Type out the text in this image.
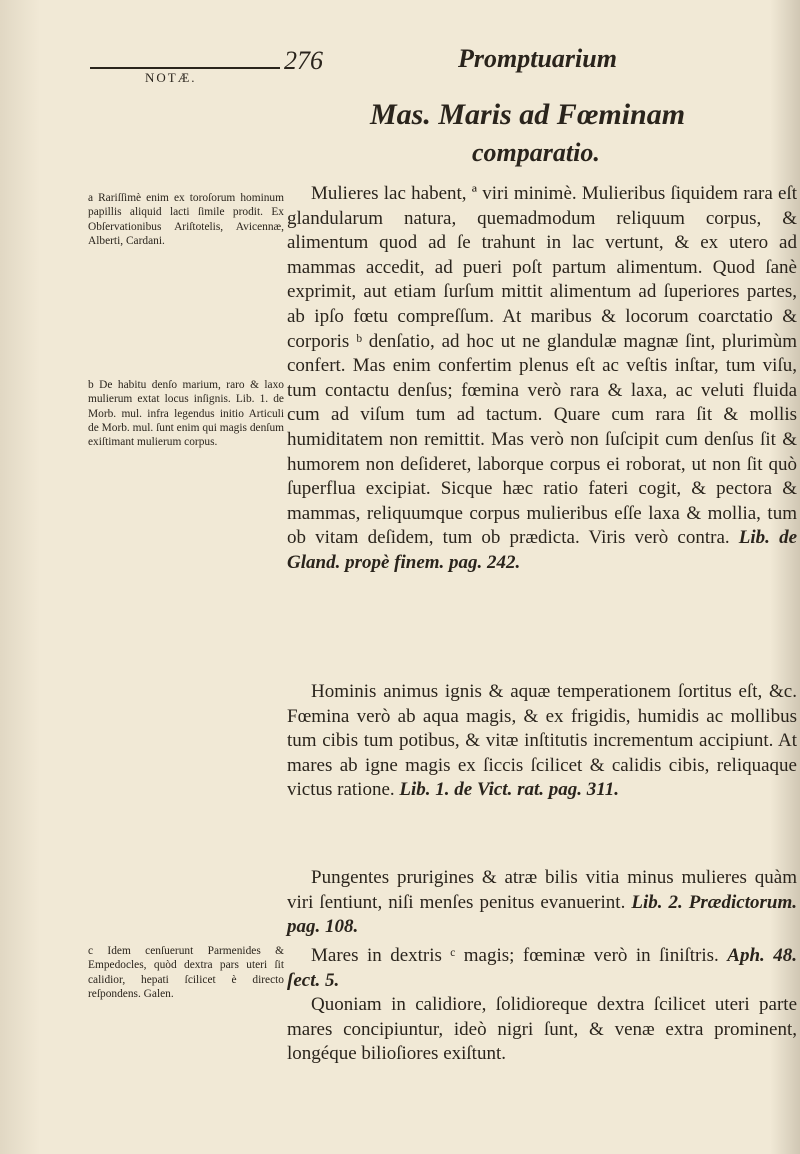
NOTÆ.
276	Promptuarium
Mas. Maris ad Fœminam
comparatio.

Mulieres lac habent, ª viri minimè. Mulieribus ſiquidem rara eſt glandularum natura, quemadmodum reliquum corpus, & alimentum quod ad ſe trahunt in lac vertunt, & ex utero ad mammas accedit, ad pueri poſt partum alimentum. Quod ſanè exprimit, aut etiam ſurſum mittit alimentum ad ſuperiores partes, ab ipſo fœtu compreſſum. At maribus & locorum coarctatio & corporis ᵇ denſatio, ad hoc ut ne glandulæ magnæ ſint, plurimùm confert. Mas enim confertim plenus eſt ac veſtis inſtar, tum viſu, tum contactu denſus; fœmina verò rara & laxa, ac veluti fluida cum ad viſum tum ad tactum. Quare cum rara ſit & mollis humiditatem non remittit. Mas verò non ſuſcipit cum denſus ſit & humorem non deſideret, laborque corpus ei roborat, ut non ſit quò ſuperflua excipiat. Sicque hæc ratio fateri cogit, & pectora & mammas, reliquumque corpus mulieribus eſſe laxa & mollia, tum ob vitam deſidem, tum ob prædicta. Viris verò contra. Lib. de Gland. propè finem. pag. 242.

Hominis animus ignis & aquæ temperationem ſortitus eſt, &c. Fœmina verò ab aqua magis, & ex frigidis, humidis ac mollibus tum cibis tum potibus, & vitæ inſtitutis incrementum accipiunt. At mares ab igne magis ex ſiccis ſcilicet & calidis cibis, reliquaque victus ratione. Lib. 1. de Vict. rat. pag. 311.

Pungentes prurigines & atræ bilis vitia minus mulieres quàm viri ſentiunt, niſi menſes penitus evanuerint. Lib. 2. Prædictorum. pag. 108.

Mares in dextris ᶜ magis; fœminæ verò in ſiniſtris. Aph. 48. ſect. 5.

Quoniam in calidiore, ſolidioreque dextra ſcilicet uteri parte mares concipiuntur, ideò nigri ſunt, & venæ extra prominent, longéque bilioſiores exiſtunt.

a Rariſſimè enim ex toroſorum hominum papillis aliquid lacti ſimile prodit. Ex Obſervationibus Ariſtotelis, Avicennæ, Alberti, Cardani.
b De habitu denſo marium, raro & laxo mulierum extat locus inſignis. Lib. 1. de Morb. mul. infra legendus initio Articuli de Morb. mul. ſunt enim qui magis denſum exiſtimant mulierum corpus.
c Idem cenſuerunt Parmenides & Empedocles, quòd dextra pars uteri ſit calidior, hepati ſcilicet è directo reſpondens. Galen.
